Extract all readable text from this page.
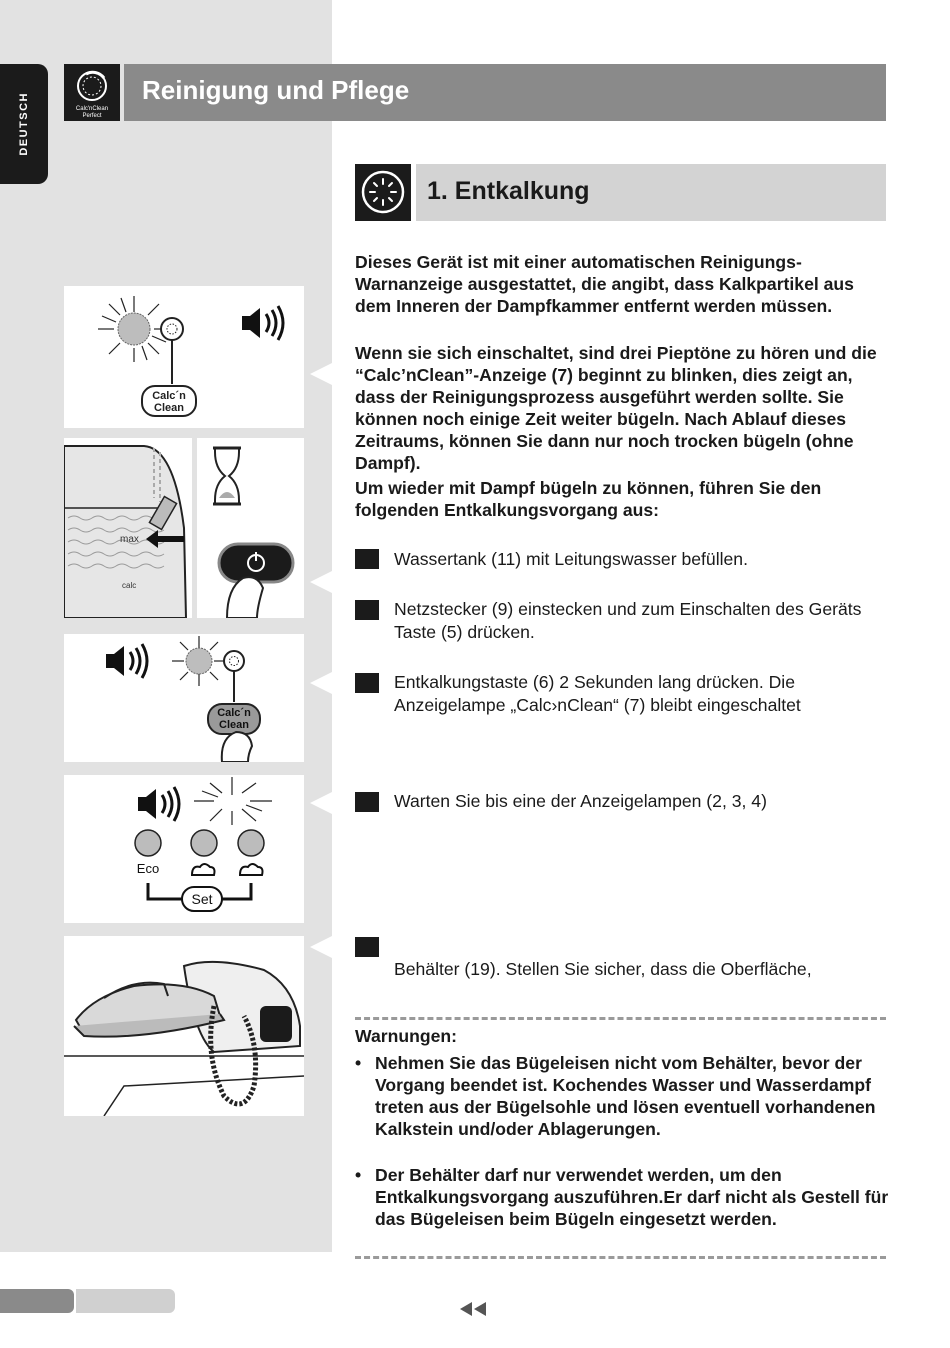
DEUTSCH	Calc'nClean
Perfect
Reinigung und Pflege
1. Entkalkung
Dieses Gerät ist mit einer automatischen Reinigungs-Warnanzeige ausgestattet, die angibt, dass Kalkpartikel aus dem Inneren der Dampfkammer entfernt werden müssen.
Wenn sie sich einschaltet, sind drei Pieptöne zu hören und die “Calc’nClean”-Anzeige (7) beginnt zu blinken, dies zeigt an, dass der Reinigungsprozess ausgeführt werden sollte. Sie können noch einige Zeit weiter bügeln. Nach Ablauf dieses Zeitraums, können Sie dann nur noch trocken bügeln (ohne Dampf).
Um wieder mit Dampf bügeln zu können, führen Sie den folgenden Entkalkungsvorgang aus:
Wassertank (11) mit Leitungswasser befüllen.
Netzstecker (9) einstecken und zum Einschalten des Geräts Taste (5) drücken.
Entkalkungstaste (6) 2 Sekunden lang drücken. Die Anzeigelampe „Calc›nClean“ (7) bleibt eingeschaltet
Warten Sie bis eine der Anzeigelampen (2, 3, 4)
Behälter (19). Stellen Sie sicher, dass die Oberfläche,
Calc´n
Clean
max
calc
Calc´n
Clean
Eco
Set
Warnungen:
• Nehmen Sie das Bügeleisen nicht vom Behälter, bevor der Vorgang beendet ist. Kochendes Wasser und Wasserdampf treten aus der Bügelsohle und lösen eventuell vorhandenen Kalkstein und/oder Ablagerungen.
• Der Behälter darf nur verwendet werden, um den Entkalkungsvorgang auszuführen.Er darf nicht als Gestell für das Bügeleisen beim Bügeln eingesetzt werden.
